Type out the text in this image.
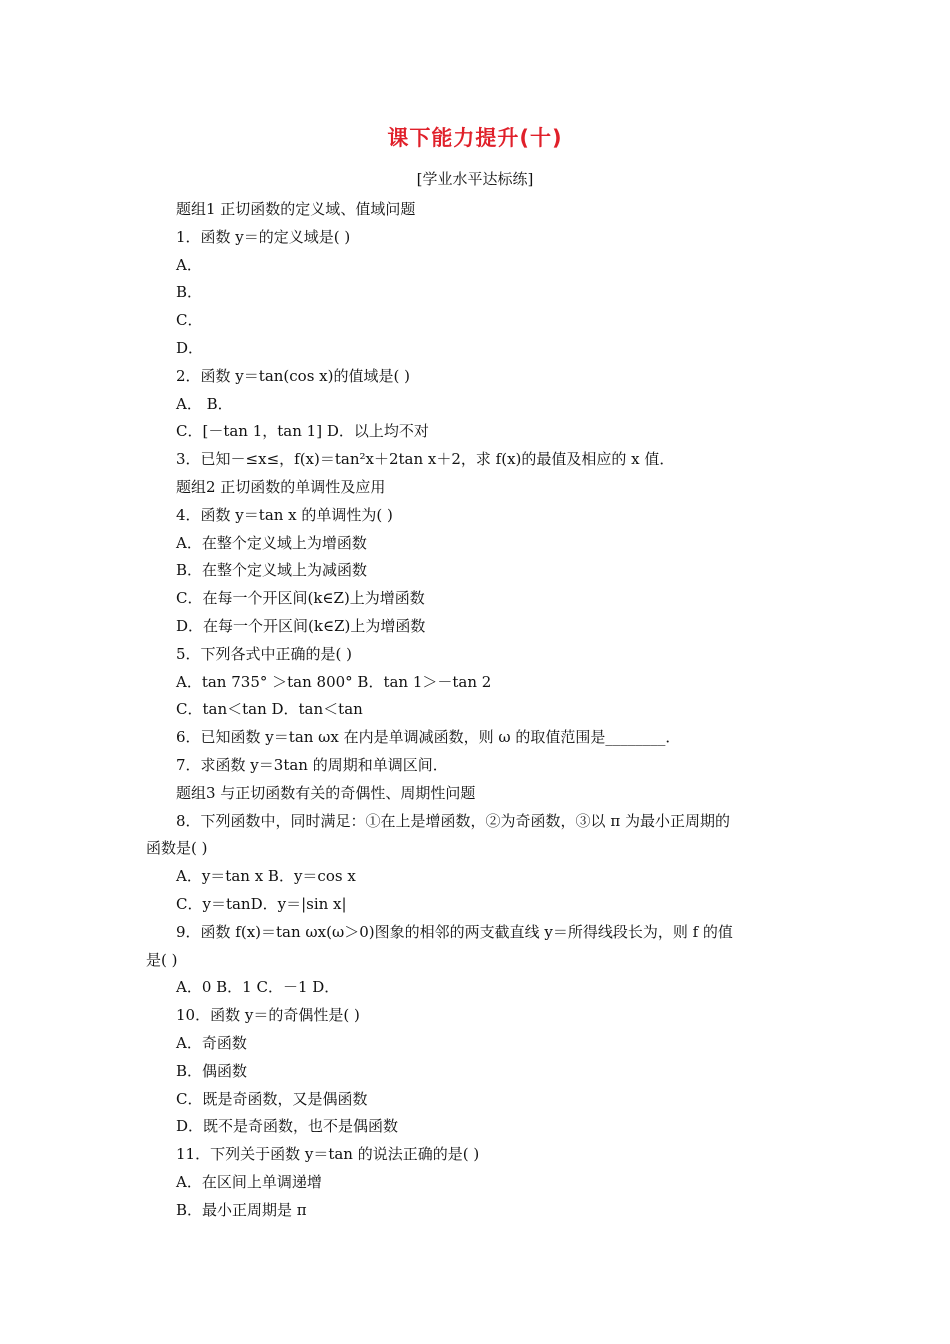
课下能力提升(十)
[学业水平达标练]
题组1 正切函数的定义域、值域问题
1．函数 y＝的定义域是( )
A．
B．
C．
D．
2．函数 y＝tan(cos x)的值域是( )
A． B．
C．[－tan 1，tan 1] D．以上均不对
3．已知－≤x≤，f(x)＝tan²x＋2tan x＋2，求 f(x)的最值及相应的 x 值．
题组2 正切函数的单调性及应用
4．函数 y＝tan x 的单调性为( )
A．在整个定义域上为增函数
B．在整个定义域上为减函数
C．在每一个开区间(k∈Z)上为增函数
D．在每一个开区间(k∈Z)上为增函数
5．下列各式中正确的是( )
A．tan 735° ＞tan 800° B．tan 1＞－tan 2
C．tan＜tan D．tan＜tan
6．已知函数 y＝tan ωx 在内是单调减函数，则 ω 的取值范围是________．
7．求函数 y＝3tan 的周期和单调区间．
题组3 与正切函数有关的奇偶性、周期性问题
8．下列函数中，同时满足：①在上是增函数，②为奇函数，③以 π 为最小正周期的
函数是( )
A．y＝tan x B．y＝cos x
C．y＝tanD．y＝|sin x|
9．函数 f(x)＝tan ωx(ω＞0)图象的相邻的两支截直线 y＝所得线段长为，则 f 的值
是( )
A．0 B．1 C．－1 D．
10．函数 y＝的奇偶性是( )
A．奇函数
B．偶函数
C．既是奇函数，又是偶函数
D．既不是奇函数，也不是偶函数
11．下列关于函数 y＝tan 的说法正确的是( )
A．在区间上单调递增
B．最小正周期是 π
